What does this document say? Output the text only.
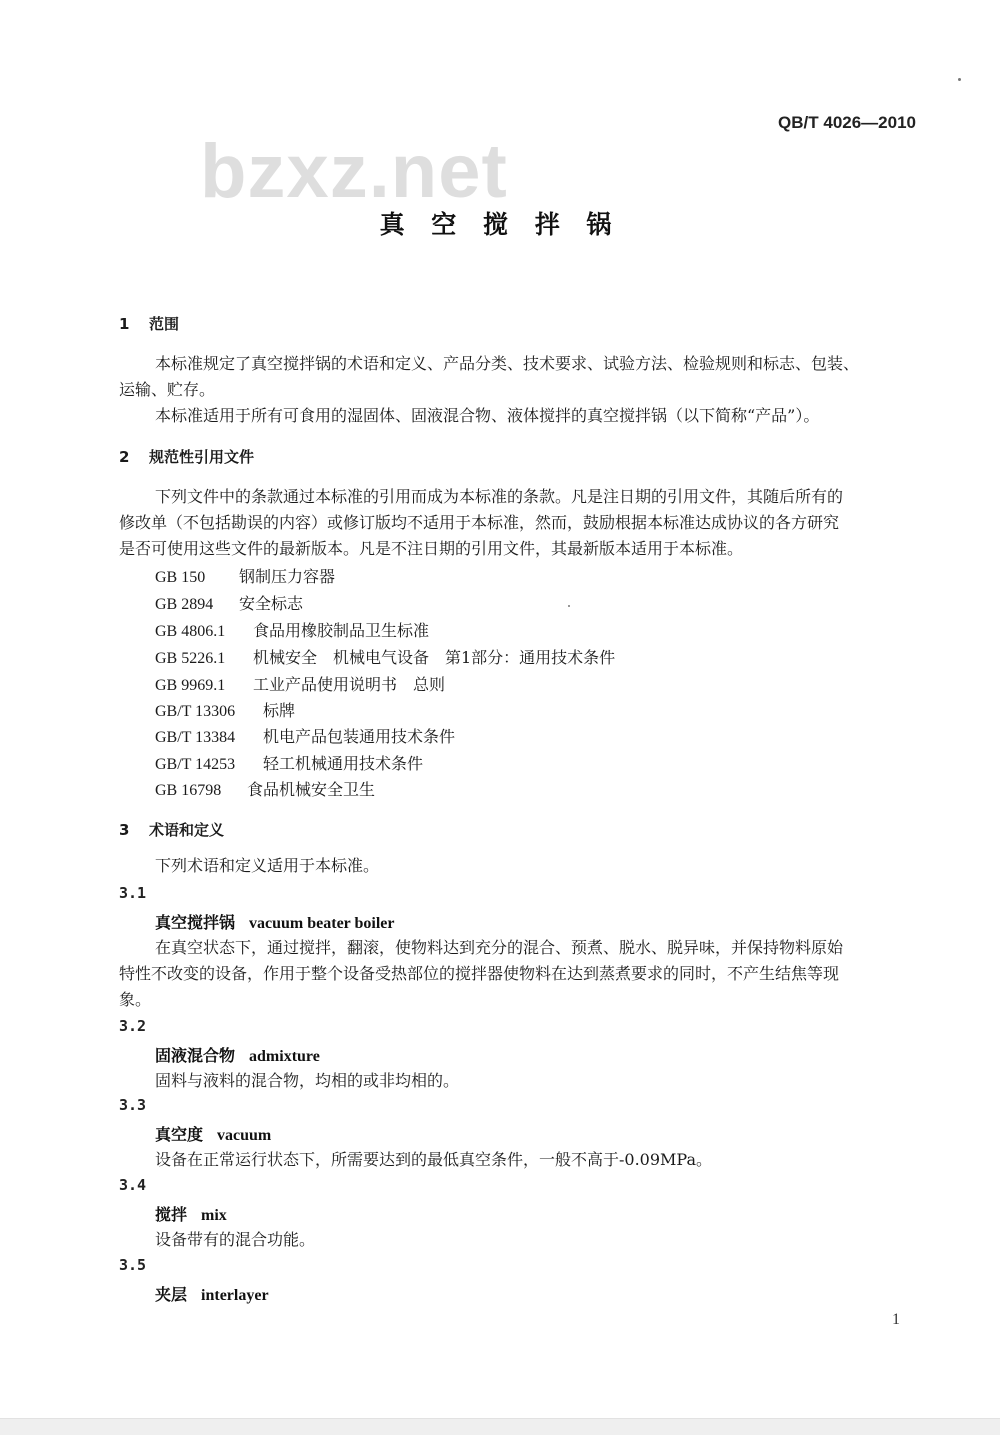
QB/T 4026—2010
bzxz.net
真 空 搅 拌 锅
1 范围
本标准规定了真空搅拌锅的术语和定义、产品分类、技术要求、试验方法、检验规则和标志、包装、
运输、贮存。
本标准适用于所有可食用的湿固体、固液混合物、液体搅拌的真空搅拌锅（以下简称“产品”）。
2 规范性引用文件
下列文件中的条款通过本标准的引用而成为本标准的条款。凡是注日期的引用文件，其随后所有的
修改单（不包括勘误的内容）或修订版均不适用于本标准，然而，鼓励根据本标准达成协议的各方研究
是否可使用这些文件的最新版本。凡是不注日期的引用文件，其最新版本适用于本标准。
GB 150 钢制压力容器
GB 2894 安全标志
GB 4806.1 食品用橡胶制品卫生标准
GB 5226.1 机械安全　机械电气设备　第1部分：通用技术条件
GB 9969.1 工业产品使用说明书　总则
GB/T 13306 标牌
GB/T 13384 机电产品包装通用技术条件
GB/T 14253 轻工机械通用技术条件
GB 16798 食品机械安全卫生
3 术语和定义
下列术语和定义适用于本标准。
3.1
真空搅拌锅 vacuum beater boiler
在真空状态下，通过搅拌，翻滚，使物料达到充分的混合、预煮、脱水、脱异味，并保持物料原始
特性不改变的设备，作用于整个设备受热部位的搅拌器使物料在达到蒸煮要求的同时，不产生结焦等现
象。
3.2
固液混合物 admixture
固料与液料的混合物，均相的或非均相的。
3.3
真空度 vacuum
设备在正常运行状态下，所需要达到的最低真空条件，一般不高于-0.09MPa。
3.4
搅拌 mix
设备带有的混合功能。
3.5
夹层 interlayer
1
